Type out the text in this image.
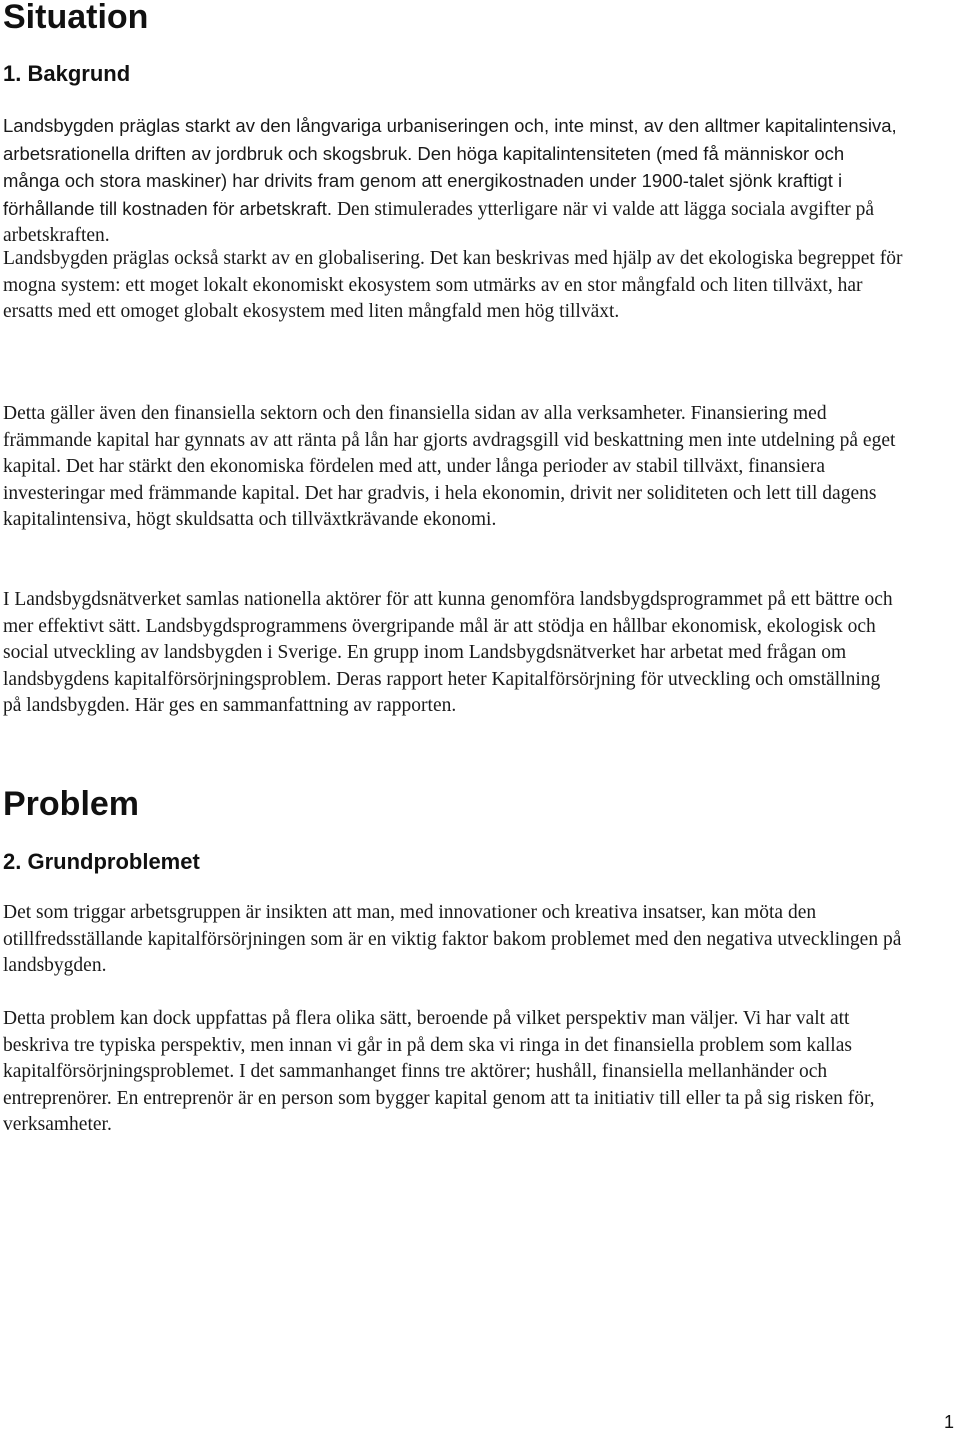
Situation
1. Bakgrund

Landsbygden präglas starkt av den långvariga urbaniseringen och, inte minst, av den alltmer kapitalintensiva, arbetsrationella driften av jordbruk och skogsbruk. Den höga kapitalintensiteten (med få människor och många och stora maskiner) har drivits fram genom att energikostnaden under 1900-talet sjönk kraftigt i förhållande till kostnaden för arbetskraft. Den stimulerades ytterligare när vi valde att lägga sociala avgifter på arbetskraften.

Landsbygden präglas också starkt av en globalisering. Det kan beskrivas med hjälp av det ekologiska begreppet för mogna system: ett moget lokalt ekonomiskt ekosystem som utmärks av en stor mångfald och liten tillväxt, har ersatts med ett omoget globalt ekosystem med liten mångfald men hög tillväxt.

Detta gäller även den finansiella sektorn och den finansiella sidan av alla verksamheter. Finansiering med främmande kapital har gynnats av att ränta på lån har gjorts avdragsgill vid beskattning men inte utdelning på eget kapital. Det har stärkt den ekonomiska fördelen med att, under långa perioder av stabil tillväxt, finansiera investeringar med främmande kapital. Det har gradvis, i hela ekonomin, drivit ner soliditeten och lett till dagens kapitalintensiva, högt skuldsatta och tillväxtkrävande ekonomi.

I Landsbygdsnätverket samlas nationella aktörer för att kunna genomföra landsbygdsprogrammet på ett bättre och mer effektivt sätt. Landsbygdsprogrammens övergripande mål är att stödja en hållbar ekonomisk, ekologisk och social utveckling av landsbygden i Sverige. En grupp inom Landsbygdsnätverket har arbetat med frågan om landsbygdens kapitalförsörjningsproblem. Deras rapport heter Kapitalförsörjning för utveckling och omställning på landsbygden. Här ges en sammanfattning av rapporten.

Problem
2. Grundproblemet

Det som triggar arbetsgruppen är insikten att man, med innovationer och kreativa insatser, kan möta den otillfredsställande kapitalförsörjningen som är en viktig faktor bakom problemet med den negativa utvecklingen på landsbygden.

Detta problem kan dock uppfattas på flera olika sätt, beroende på vilket perspektiv man väljer. Vi har valt att beskriva tre typiska perspektiv, men innan vi går in på dem ska vi ringa in det finansiella problem som kallas kapitalförsörjningsproblemet. I det sammanhanget finns tre aktörer; hushåll, finansiella mellanhänder och entreprenörer. En entreprenör är en person som bygger kapital genom att ta initiativ till eller ta på sig risken för, verksamheter.

1
